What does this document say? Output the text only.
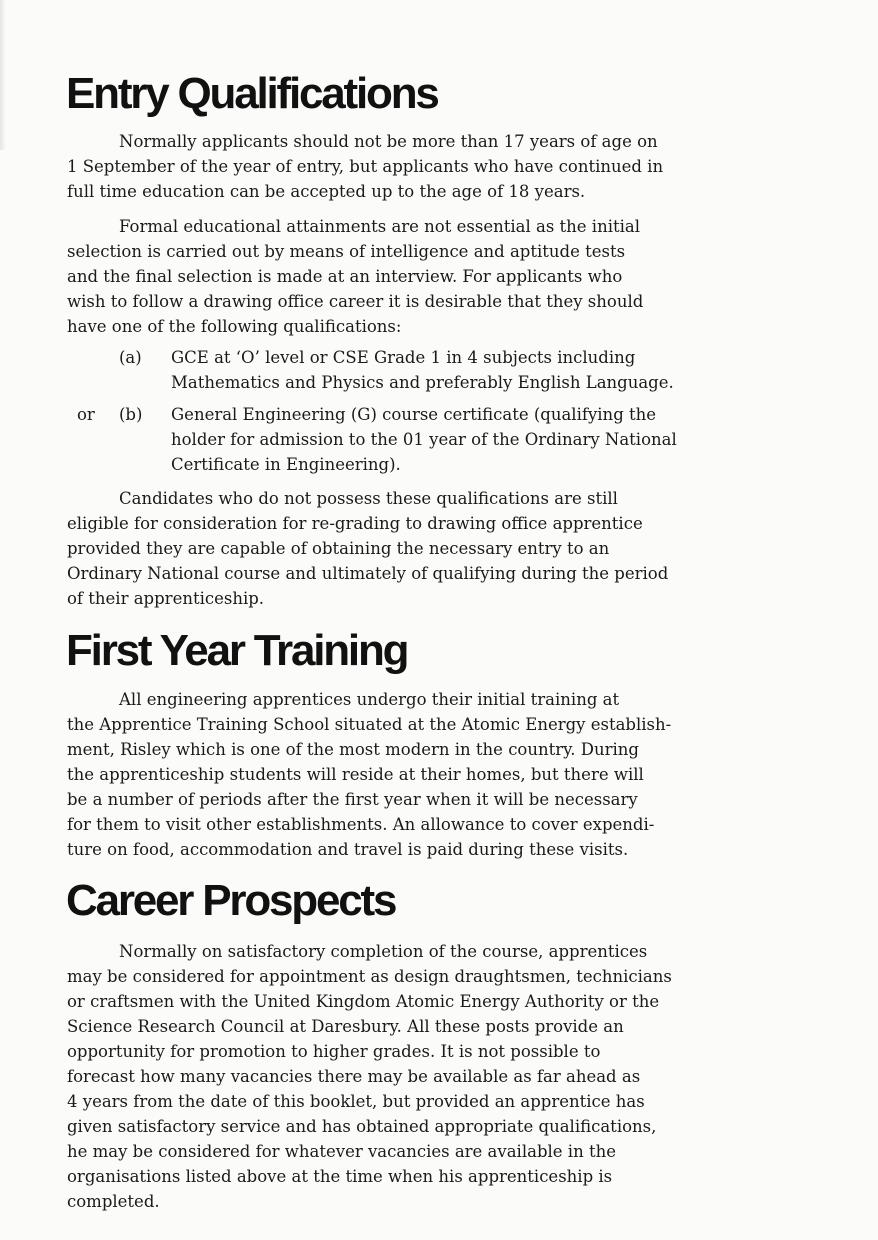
Entry Qualifications

Normally applicants should not be more than 17 years of age on
1 September of the year of entry, but applicants who have continued in
full time education can be accepted up to the age of 18 years.

Formal educational attainments are not essential as the initial
selection is carried out by means of intelligence and aptitude tests
and the final selection is made at an interview. For applicants who
wish to follow a drawing office career it is desirable that they should
have one of the following qualifications:

(a) GCE at ‘O’ level or CSE Grade 1 in 4 subjects including
Mathematics and Physics and preferably English Language.
or (b) General Engineering (G) course certificate (qualifying the
holder for admission to the 01 year of the Ordinary National
Certificate in Engineering).

Candidates who do not possess these qualifications are still
eligible for consideration for re-grading to drawing office apprentice
provided they are capable of obtaining the necessary entry to an
Ordinary National course and ultimately of qualifying during the period
of their apprenticeship.

First Year Training

All engineering apprentices undergo their initial training at
the Apprentice Training School situated at the Atomic Energy establish-
ment, Risley which is one of the most modern in the country. During
the apprenticeship students will reside at their homes, but there will
be a number of periods after the first year when it will be necessary
for them to visit other establishments. An allowance to cover expendi-
ture on food, accommodation and travel is paid during these visits.

Career Prospects

Normally on satisfactory completion of the course, apprentices
may be considered for appointment as design draughtsmen, technicians
or craftsmen with the United Kingdom Atomic Energy Authority or the
Science Research Council at Daresbury. All these posts provide an
opportunity for promotion to higher grades. It is not possible to
forecast how many vacancies there may be available as far ahead as
4 years from the date of this booklet, but provided an apprentice has
given satisfactory service and has obtained appropriate qualifications,
he may be considered for whatever vacancies are available in the
organisations listed above at the time when his apprenticeship is
completed.
